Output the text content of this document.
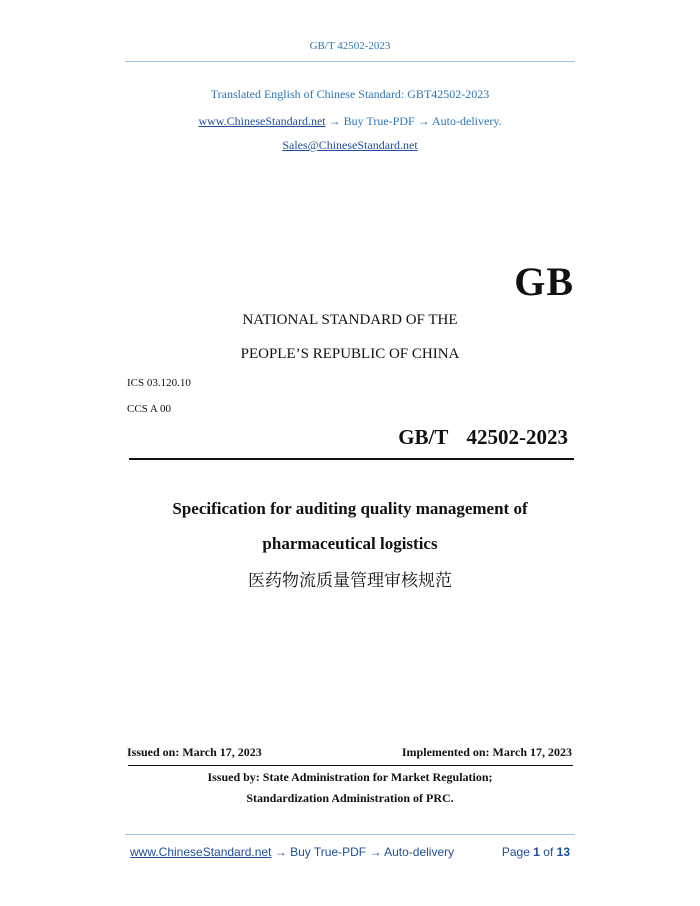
GB/T 42502-2023
Translated English of Chinese Standard: GBT42502-2023
www.ChineseStandard.net → Buy True-PDF → Auto-delivery.
Sales@ChineseStandard.net
GB
NATIONAL STANDARD OF THE
PEOPLE’S REPUBLIC OF CHINA
ICS 03.120.10
CCS A 00
GB/T  42502-2023
Specification for auditing quality management of
pharmaceutical logistics
医药物流质量管理审核规范
Issued on: March 17, 2023	Implemented on: March 17, 2023
Issued by: State Administration for Market Regulation;
Standardization Administration of PRC.
www.ChineseStandard.net → Buy True-PDF → Auto-delivery	Page 1 of 13
